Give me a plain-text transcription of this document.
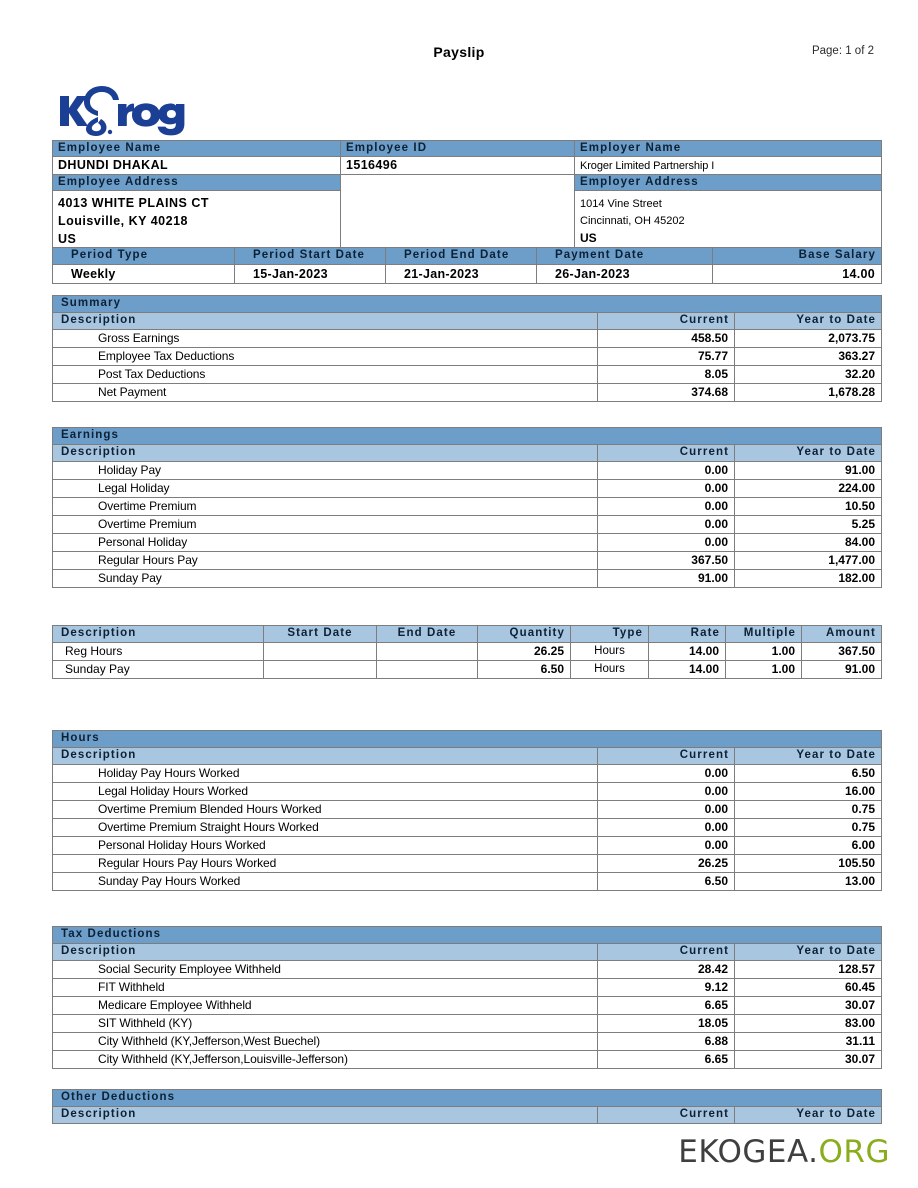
Payslip	Page: 1 of 2
Employee Name	Employee ID	Employer Name
DHUNDI DHAKAL	1516496	Kroger Limited Partnership I
Employee Address		Employer Address

4013 WHITE PLAINS CT
Louisville, KY 40218
US

1014 Vine Street
Cincinnati, OH 45202
US
Period Type	Period Start Date	Period End Date	Payment Date	Base Salary
Weekly	15-Jan-2023	21-Jan-2023	26-Jan-2023	14.00
Summary		
Description	Current	Year to Date
Gross Earnings	458.50	2,073.75
Employee Tax Deductions	75.77	363.27
Post Tax Deductions	8.05	32.20
Net Payment	374.68	1,678.28
Earnings		
Description	Current	Year to Date
Holiday Pay	0.00	91.00
Legal Holiday	0.00	224.00
Overtime Premium	0.00	10.50
Overtime Premium	0.00	5.25
Personal Holiday	0.00	84.00
Regular Hours Pay	367.50	1,477.00
Sunday Pay	91.00	182.00
Description	Start Date	End Date	Quantity	Type	Rate	Multiple	Amount
Reg Hours			26.25	Hours	14.00	1.00	367.50
Sunday Pay			6.50	Hours	14.00	1.00	91.00
Hours		
Description	Current	Year to Date
Holiday Pay Hours Worked	0.00	6.50
Legal Holiday Hours Worked	0.00	16.00
Overtime Premium Blended Hours Worked	0.00	0.75
Overtime Premium Straight Hours Worked	0.00	0.75
Personal Holiday Hours Worked	0.00	6.00
Regular Hours Pay Hours Worked	26.25	105.50
Sunday Pay Hours Worked	6.50	13.00
Tax Deductions		
Description	Current	Year to Date
Social Security Employee Withheld	28.42	128.57
FIT Withheld	9.12	60.45
Medicare Employee Withheld	6.65	30.07
SIT Withheld (KY)	18.05	83.00
City Withheld (KY,Jefferson,West Buechel)	6.88	31.11
City Withheld (KY,Jefferson,Louisville-Jefferson)	6.65	30.07
Other Deductions
Description	Current	Year to Date
EKOGEA.ORG
